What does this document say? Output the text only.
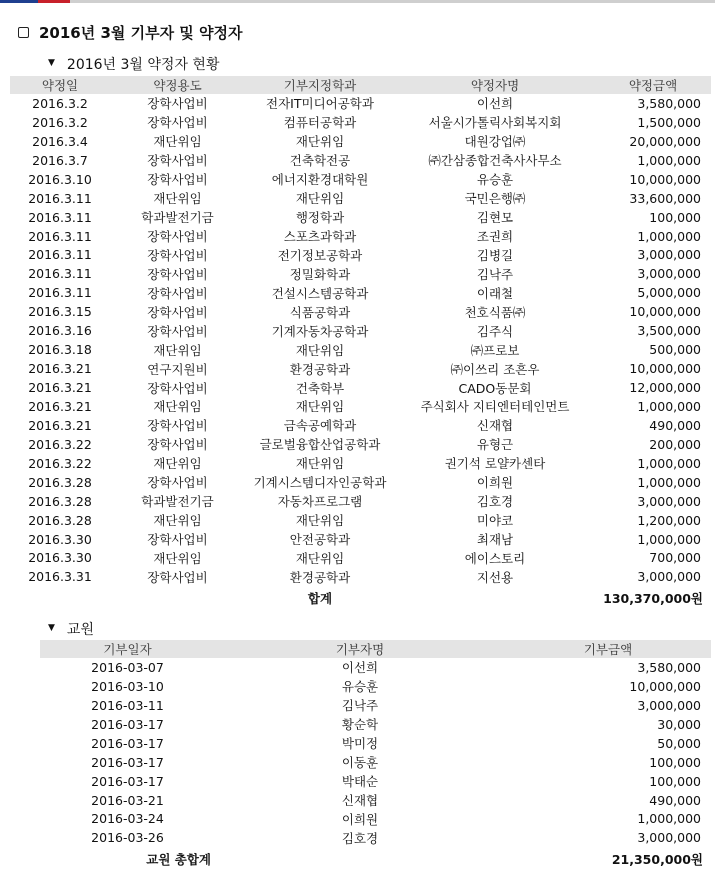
2016년 3월 기부자 및 약정자
▼ 2016년 3월 약정자 현황
약정일	약정용도	기부지정학과	약정자명	약정금액
2016.3.2	장학사업비	전자IT미디어공학과	이선희	3,580,000
2016.3.2	장학사업비	컴퓨터공학과	서울시가톨릭사회복지회	1,500,000
2016.3.4	재단위임	재단위임	대원강업㈜	20,000,000
2016.3.7	장학사업비	건축학전공	㈜간삼종합건축사사무소	1,000,000
2016.3.10	장학사업비	에너지환경대학원	유승훈	10,000,000
2016.3.11	재단위임	재단위임	국민은행㈜	33,600,000
2016.3.11	학과발전기금	행정학과	김현모	100,000
2016.3.11	장학사업비	스포츠과학과	조권희	1,000,000
2016.3.11	장학사업비	전기정보공학과	김병길	3,000,000
2016.3.11	장학사업비	정밀화학과	김낙주	3,000,000
2016.3.11	장학사업비	건설시스템공학과	이래철	5,000,000
2016.3.15	장학사업비	식품공학과	천호식품㈜	10,000,000
2016.3.16	장학사업비	기계자동차공학과	김주식	3,500,000
2016.3.18	재단위임	재단위임	㈜프로보	500,000
2016.3.21	연구지원비	환경공학과	㈜이쓰리 조흔우	10,000,000
2016.3.21	장학사업비	건축학부	CADO동문회	12,000,000
2016.3.21	재단위임	재단위임	주식회사 지티엔터테인먼트	1,000,000
2016.3.21	장학사업비	금속공예학과	신재협	490,000
2016.3.22	장학사업비	글로벌융합산업공학과	유형근	200,000
2016.3.22	재단위임	재단위임	권기석 로얄카센타	1,000,000
2016.3.28	장학사업비	기계시스템디자인공학과	이희원	1,000,000
2016.3.28	학과발전기금	자동차프로그램	김호경	3,000,000
2016.3.28	재단위임	재단위임	미야코	1,200,000
2016.3.30	장학사업비	안전공학과	최재남	1,000,000
2016.3.30	재단위임	재단위임	에이스토리	700,000
2016.3.31	장학사업비	환경공학과	지선용	3,000,000
		합계		130,370,000원
▼ 교원
기부일자	기부자명	기부금액
2016-03-07	이선희	3,580,000
2016-03-10	유승훈	10,000,000
2016-03-11	김낙주	3,000,000
2016-03-17	황순학	30,000
2016-03-17	박미정	50,000
2016-03-17	이동훈	100,000
2016-03-17	박태순	100,000
2016-03-21	신재협	490,000
2016-03-24	이희원	1,000,000
2016-03-26	김호경	3,000,000
교원 총합계		21,350,000원
